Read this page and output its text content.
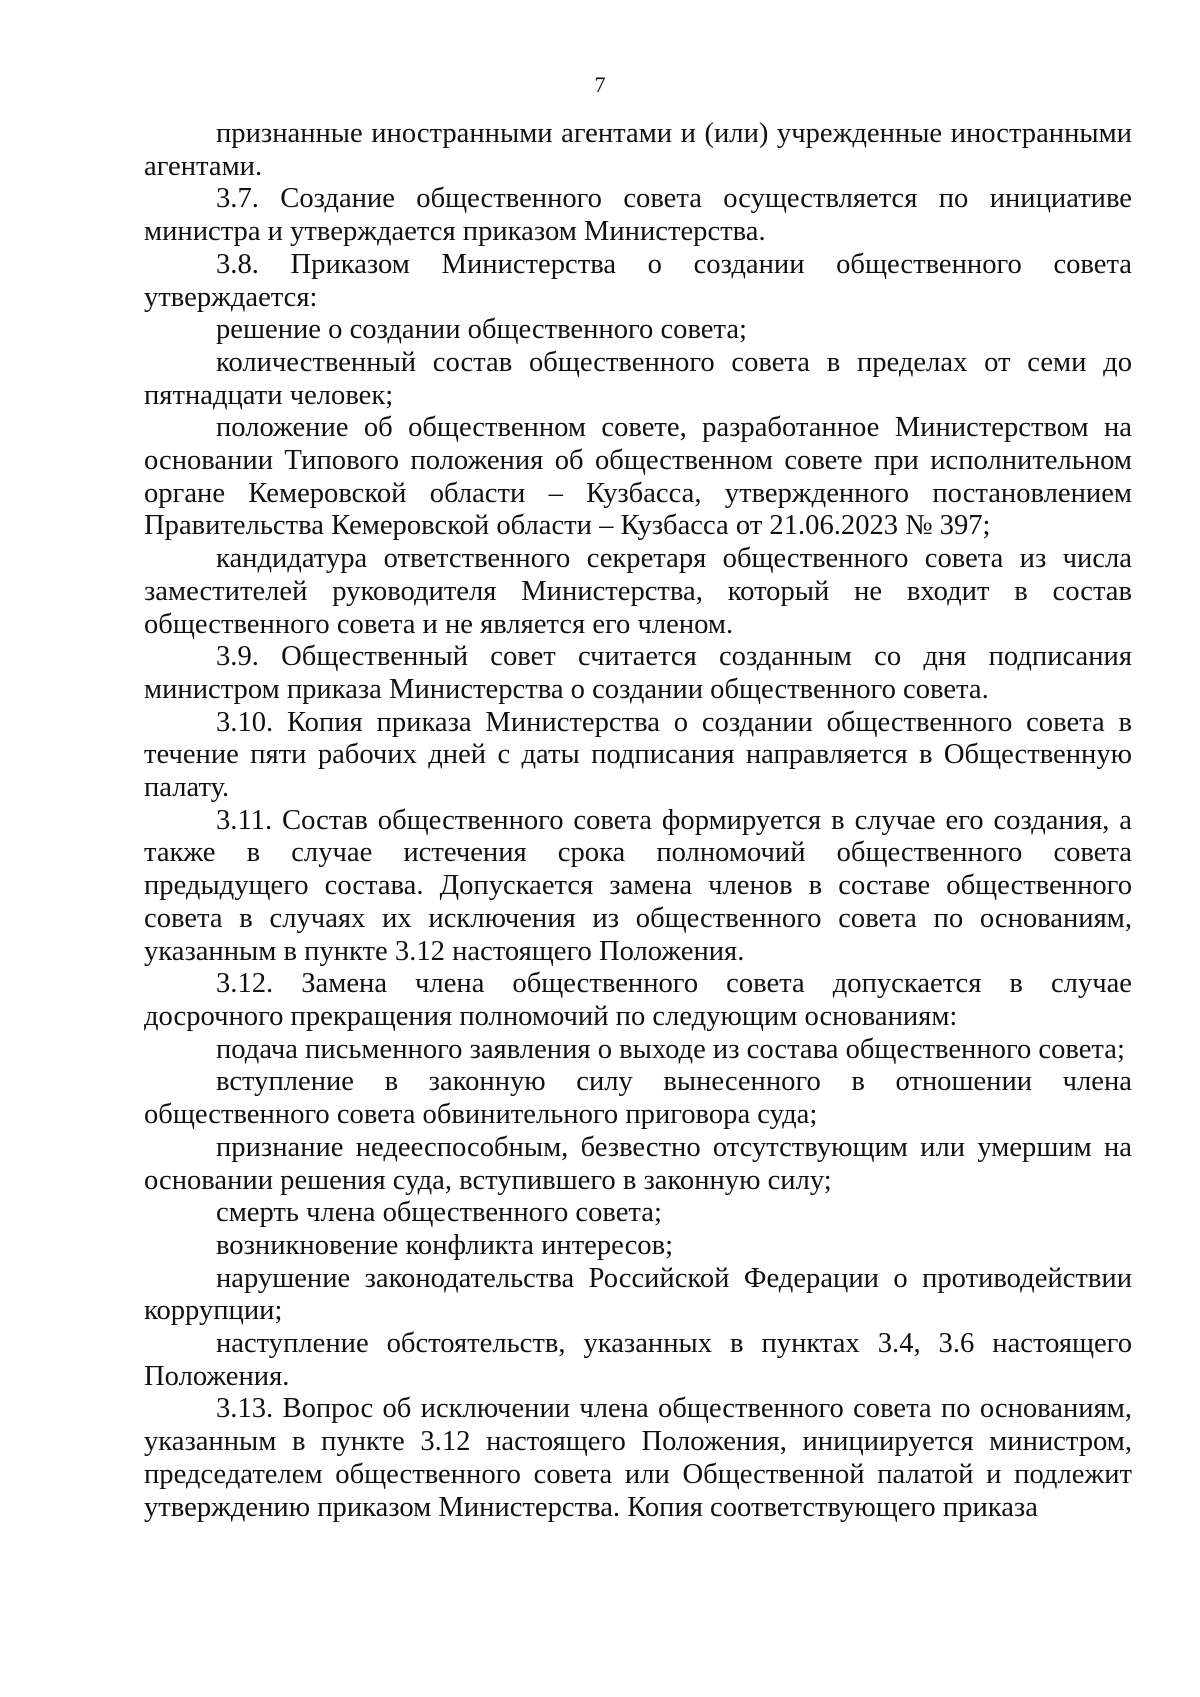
7

признанные иностранными агентами и (или) учрежденные иностранными агентами.

3.7. Создание общественного совета осуществляется по инициативе министра и утверждается приказом Министерства.

3.8. Приказом Министерства о создании общественного совета утверждается:

решение о создании общественного совета;

количественный состав общественного совета в пределах от семи до пятнадцати человек;

положение об общественном совете, разработанное Министерством на основании Типового положения об общественном совете при исполнительном органе Кемеровской области – Кузбасса, утвержденного постановлением Правительства Кемеровской области – Кузбасса от 21.06.2023 № 397;

кандидатура ответственного секретаря общественного совета из числа заместителей руководителя Министерства, который не входит в состав общественного совета и не является его членом.

3.9. Общественный совет считается созданным со дня подписания министром приказа Министерства о создании общественного совета.

3.10. Копия приказа Министерства о создании общественного совета в течение пяти рабочих дней с даты подписания направляется в Общественную палату.

3.11. Состав общественного совета формируется в случае его создания, а также в случае истечения срока полномочий общественного совета предыдущего состава. Допускается замена членов в составе общественного совета в случаях их исключения из общественного совета по основаниям, указанным в пункте 3.12 настоящего Положения.

3.12. Замена члена общественного совета допускается в случае досрочного прекращения полномочий по следующим основаниям:

подача письменного заявления о выходе из состава общественного совета;

вступление в законную силу вынесенного в отношении члена общественного совета обвинительного приговора суда;

признание недееспособным, безвестно отсутствующим или умершим на основании решения суда, вступившего в законную силу;

смерть члена общественного совета;

возникновение конфликта интересов;

нарушение законодательства Российской Федерации о противодействии коррупции;

наступление обстоятельств, указанных в пунктах 3.4, 3.6 настоящего Положения.

3.13. Вопрос об исключении члена общественного совета по основаниям, указанным в пункте 3.12 настоящего Положения, инициируется министром, председателем общественного совета или Общественной палатой и подлежит утверждению приказом Министерства. Копия соответствующего приказа
